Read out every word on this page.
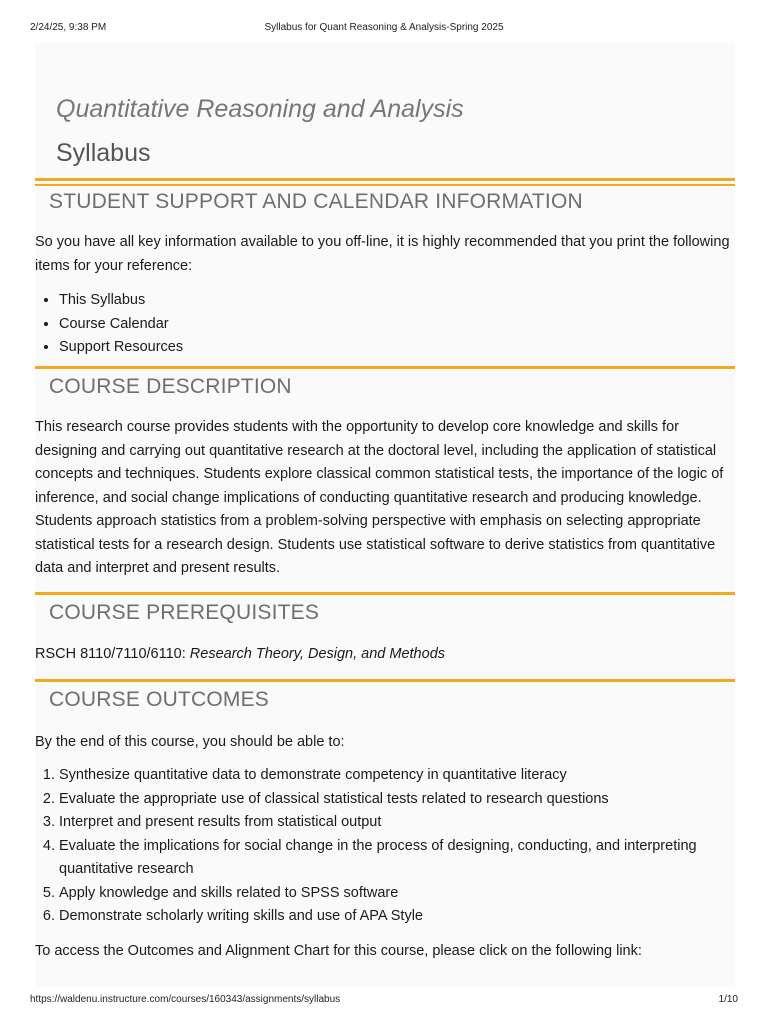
2/24/25, 9:38 PM	Syllabus for Quant Reasoning & Analysis-Spring 2025
Quantitative Reasoning and Analysis
Syllabus
STUDENT SUPPORT AND CALENDAR INFORMATION
So you have all key information available to you off-line, it is highly recommended that you print the following items for your reference:
• This Syllabus
• Course Calendar
• Support Resources
COURSE DESCRIPTION
This research course provides students with the opportunity to develop core knowledge and skills for designing and carrying out quantitative research at the doctoral level, including the application of statistical concepts and techniques. Students explore classical common statistical tests, the importance of the logic of inference, and social change implications of conducting quantitative research and producing knowledge. Students approach statistics from a problem-solving perspective with emphasis on selecting appropriate statistical tests for a research design. Students use statistical software to derive statistics from quantitative data and interpret and present results.
COURSE PREREQUISITES
RSCH 8110/7110/6110: Research Theory, Design, and Methods
COURSE OUTCOMES
By the end of this course, you should be able to:
1. Synthesize quantitative data to demonstrate competency in quantitative literacy
2. Evaluate the appropriate use of classical statistical tests related to research questions
3. Interpret and present results from statistical output
4. Evaluate the implications for social change in the process of designing, conducting, and interpreting quantitative research
5. Apply knowledge and skills related to SPSS software
6. Demonstrate scholarly writing skills and use of APA Style
To access the Outcomes and Alignment Chart for this course, please click on the following link:
https://waldenu.instructure.com/courses/160343/assignments/syllabus	1/10
